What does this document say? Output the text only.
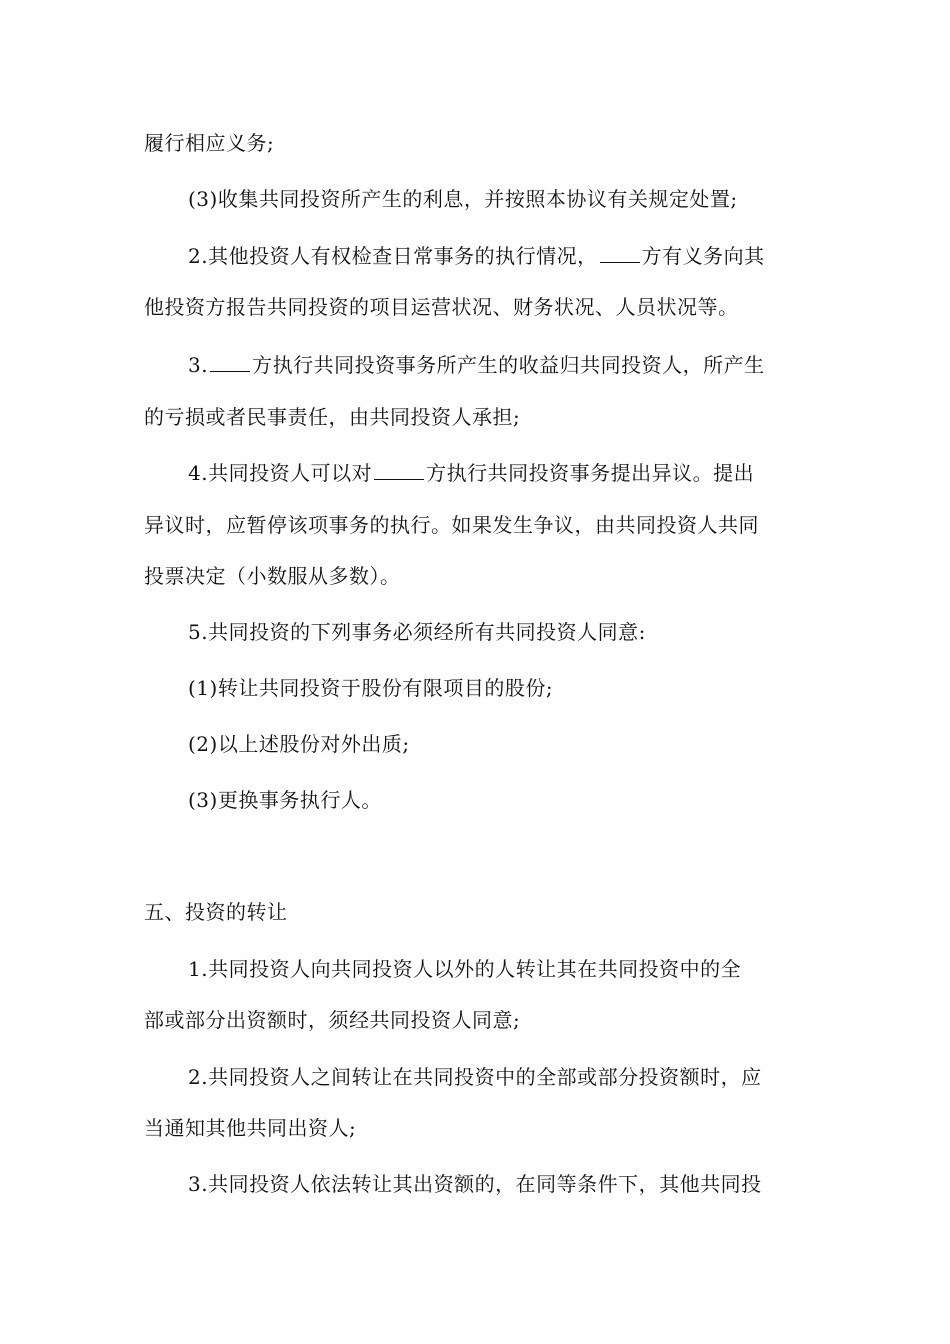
履行相应义务;
(3)收集共同投资所产生的利息，并按照本协议有关规定处置;
2.其他投资人有权检查日常事务的执行情况， 方有义务向其
他投资方报告共同投资的项目运营状况、财务状况、人员状况等。
3. 方执行共同投资事务所产生的收益归共同投资人，所产生
的亏损或者民事责任，由共同投资人承担;
4.共同投资人可以对	方执行共同投资事务提出异议。提出
异议时，应暂停该项事务的执行。如果发生争议，由共同投资人共同
投票决定（小数服从多数）。
5.共同投资的下列事务必须经所有共同投资人同意:
(1)转让共同投资于股份有限项目的股份;
(2)以上述股份对外出质;
(3)更换事务执行人。
五、投资的转让
1.共同投资人向共同投资人以外的人转让其在共同投资中的全
部或部分出资额时，须经共同投资人同意;
2.共同投资人之间转让在共同投资中的全部或部分投资额时，应
当通知其他共同出资人;
3.共同投资人依法转让其出资额的，在同等条件下，其他共同投
